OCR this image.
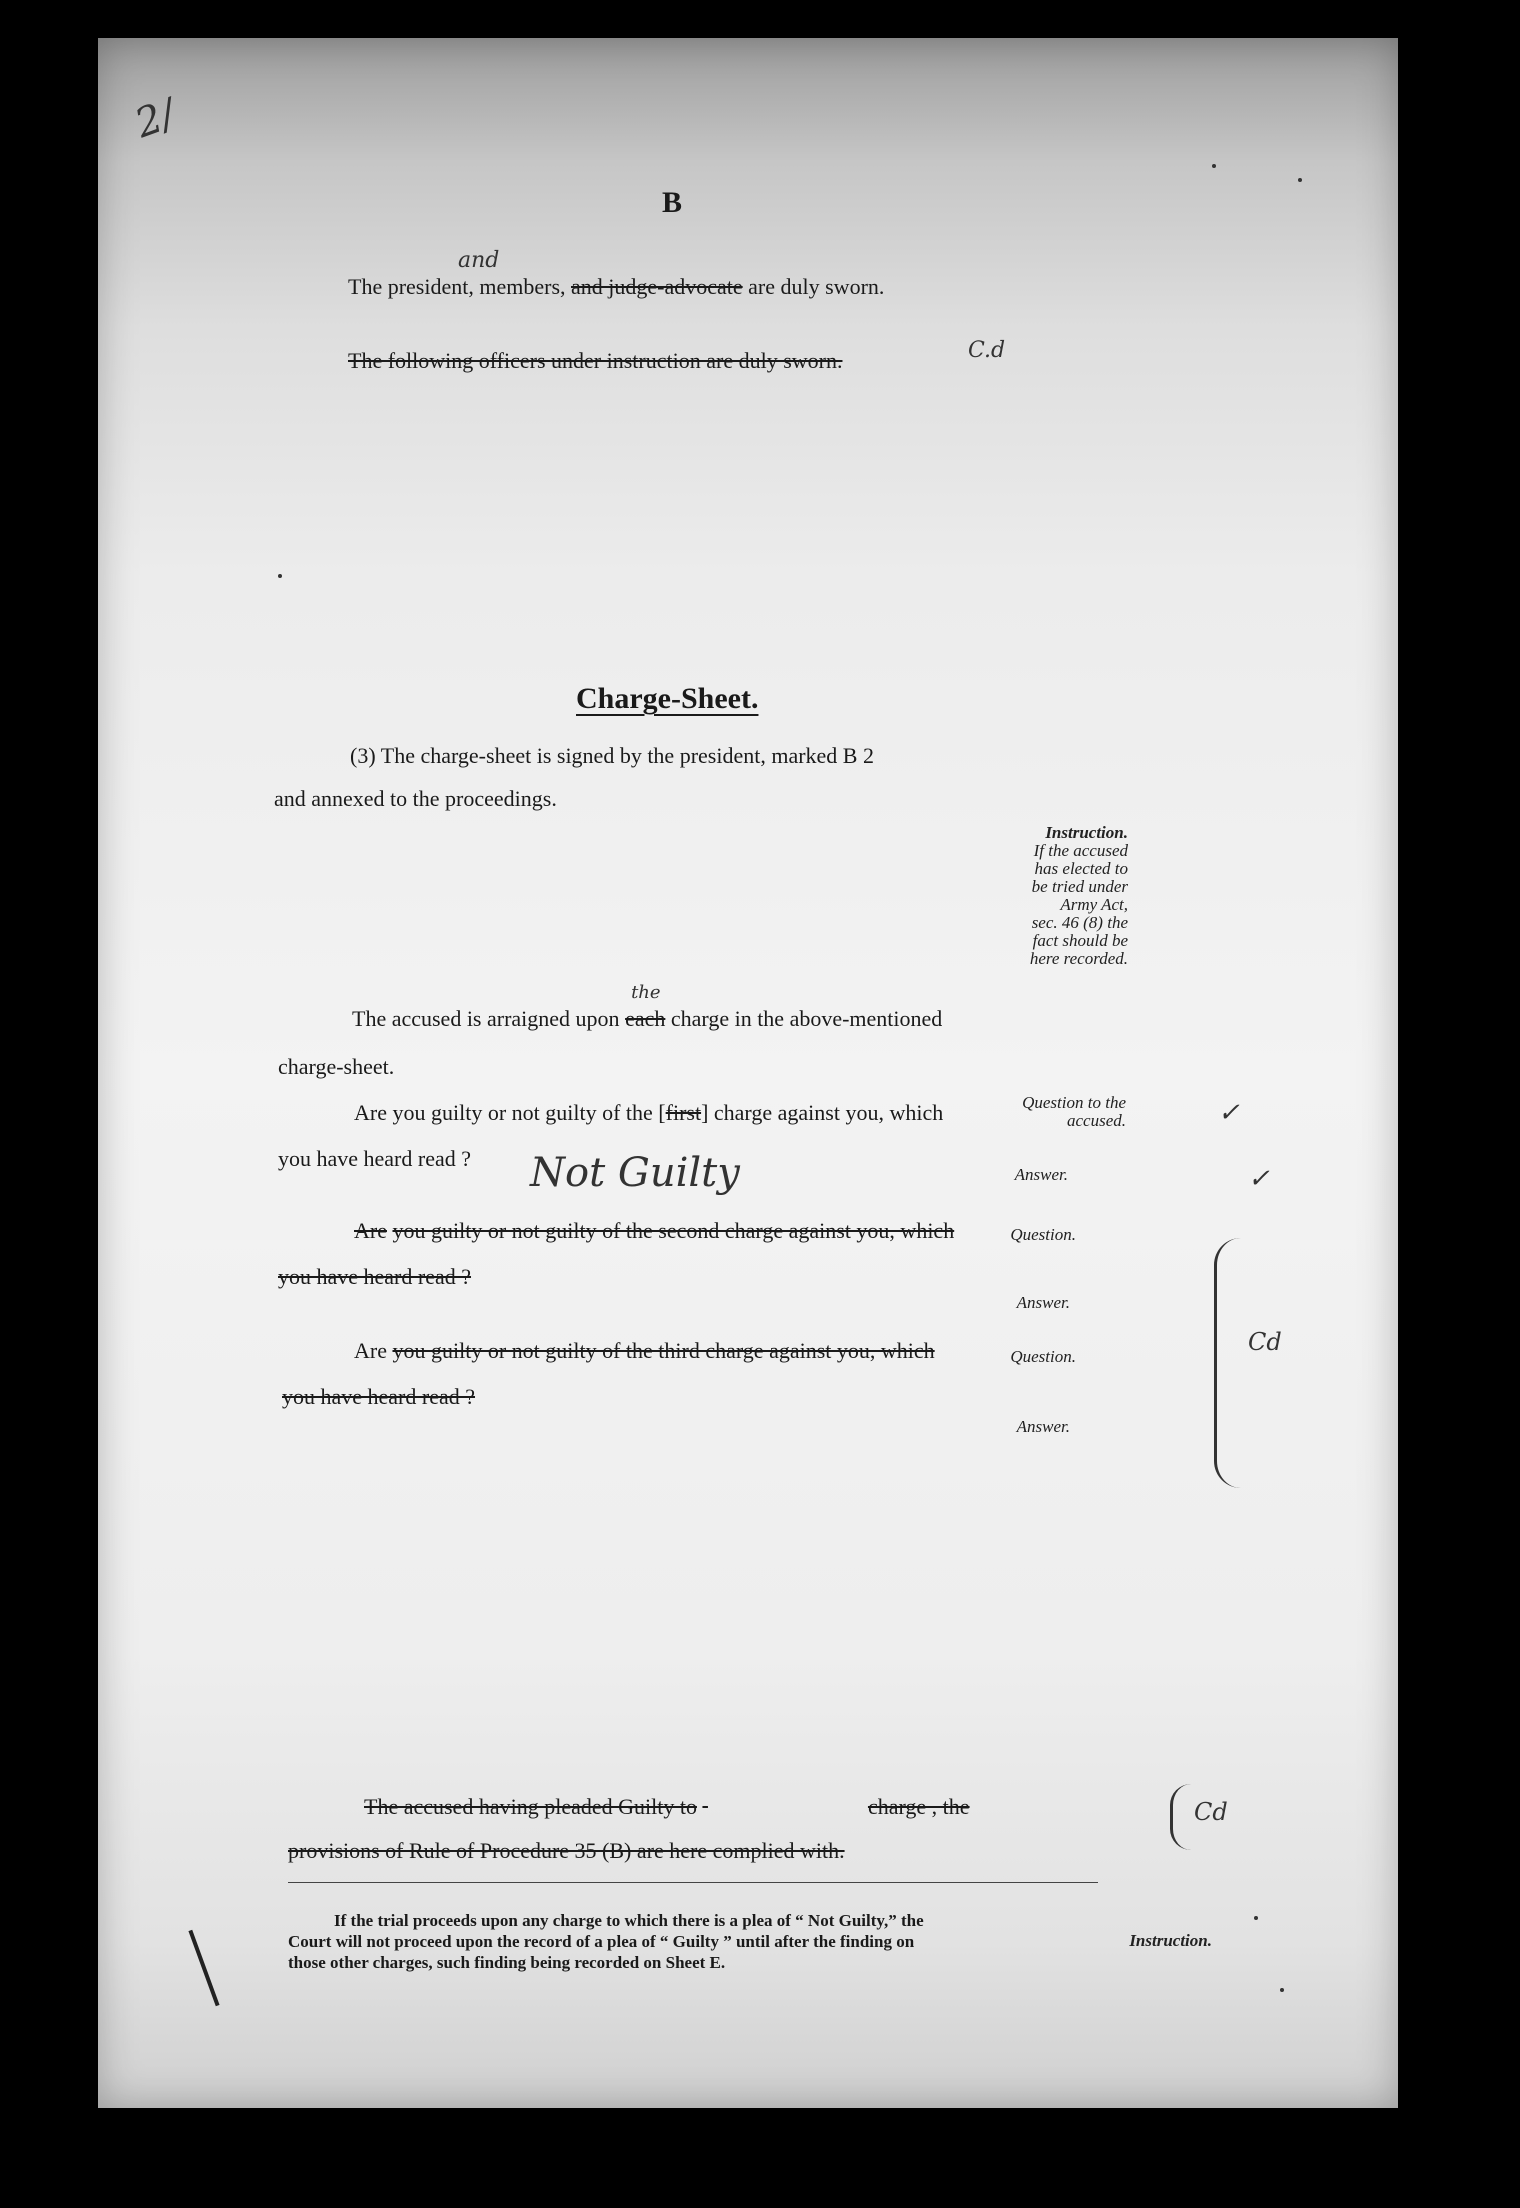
2/
B
The president,
and
members, and judge-advocate are duly sworn.
The following officers under instruction are duly sworn.	C.d
Charge-Sheet.
(3) The charge-sheet is signed by the president, marked B 2
and annexed to the proceedings.
Instruction.
If the accused
has elected to
be tried under
Army Act,
sec. 46 (8) the
fact should be
here recorded.
The accused is arraigned upon
the
each charge in the above-mentioned
charge-sheet.
Are you guilty or not guilty of the [first] charge against you, which
you have heard read ? Not Guilty
Question to the accused.
Answer.
✓
✓
Are you guilty or not guilty of the second charge against you, which
you have heard read ?
Question.
Answer.
Are you guilty or not guilty of the third charge against you, which
you have heard read ?
Question.
Answer.
Cd
The accused having pleaded Guilty to	charge , the
provisions of Rule of Procedure 35 (B) are here complied with.
Cd
If the trial proceeds upon any charge to which there is a plea of “ Not Guilty,” the
Court will not proceed upon the record of a plea of “ Guilty ” until after the finding on
those other charges, such finding being recorded on Sheet E.
Instruction.
